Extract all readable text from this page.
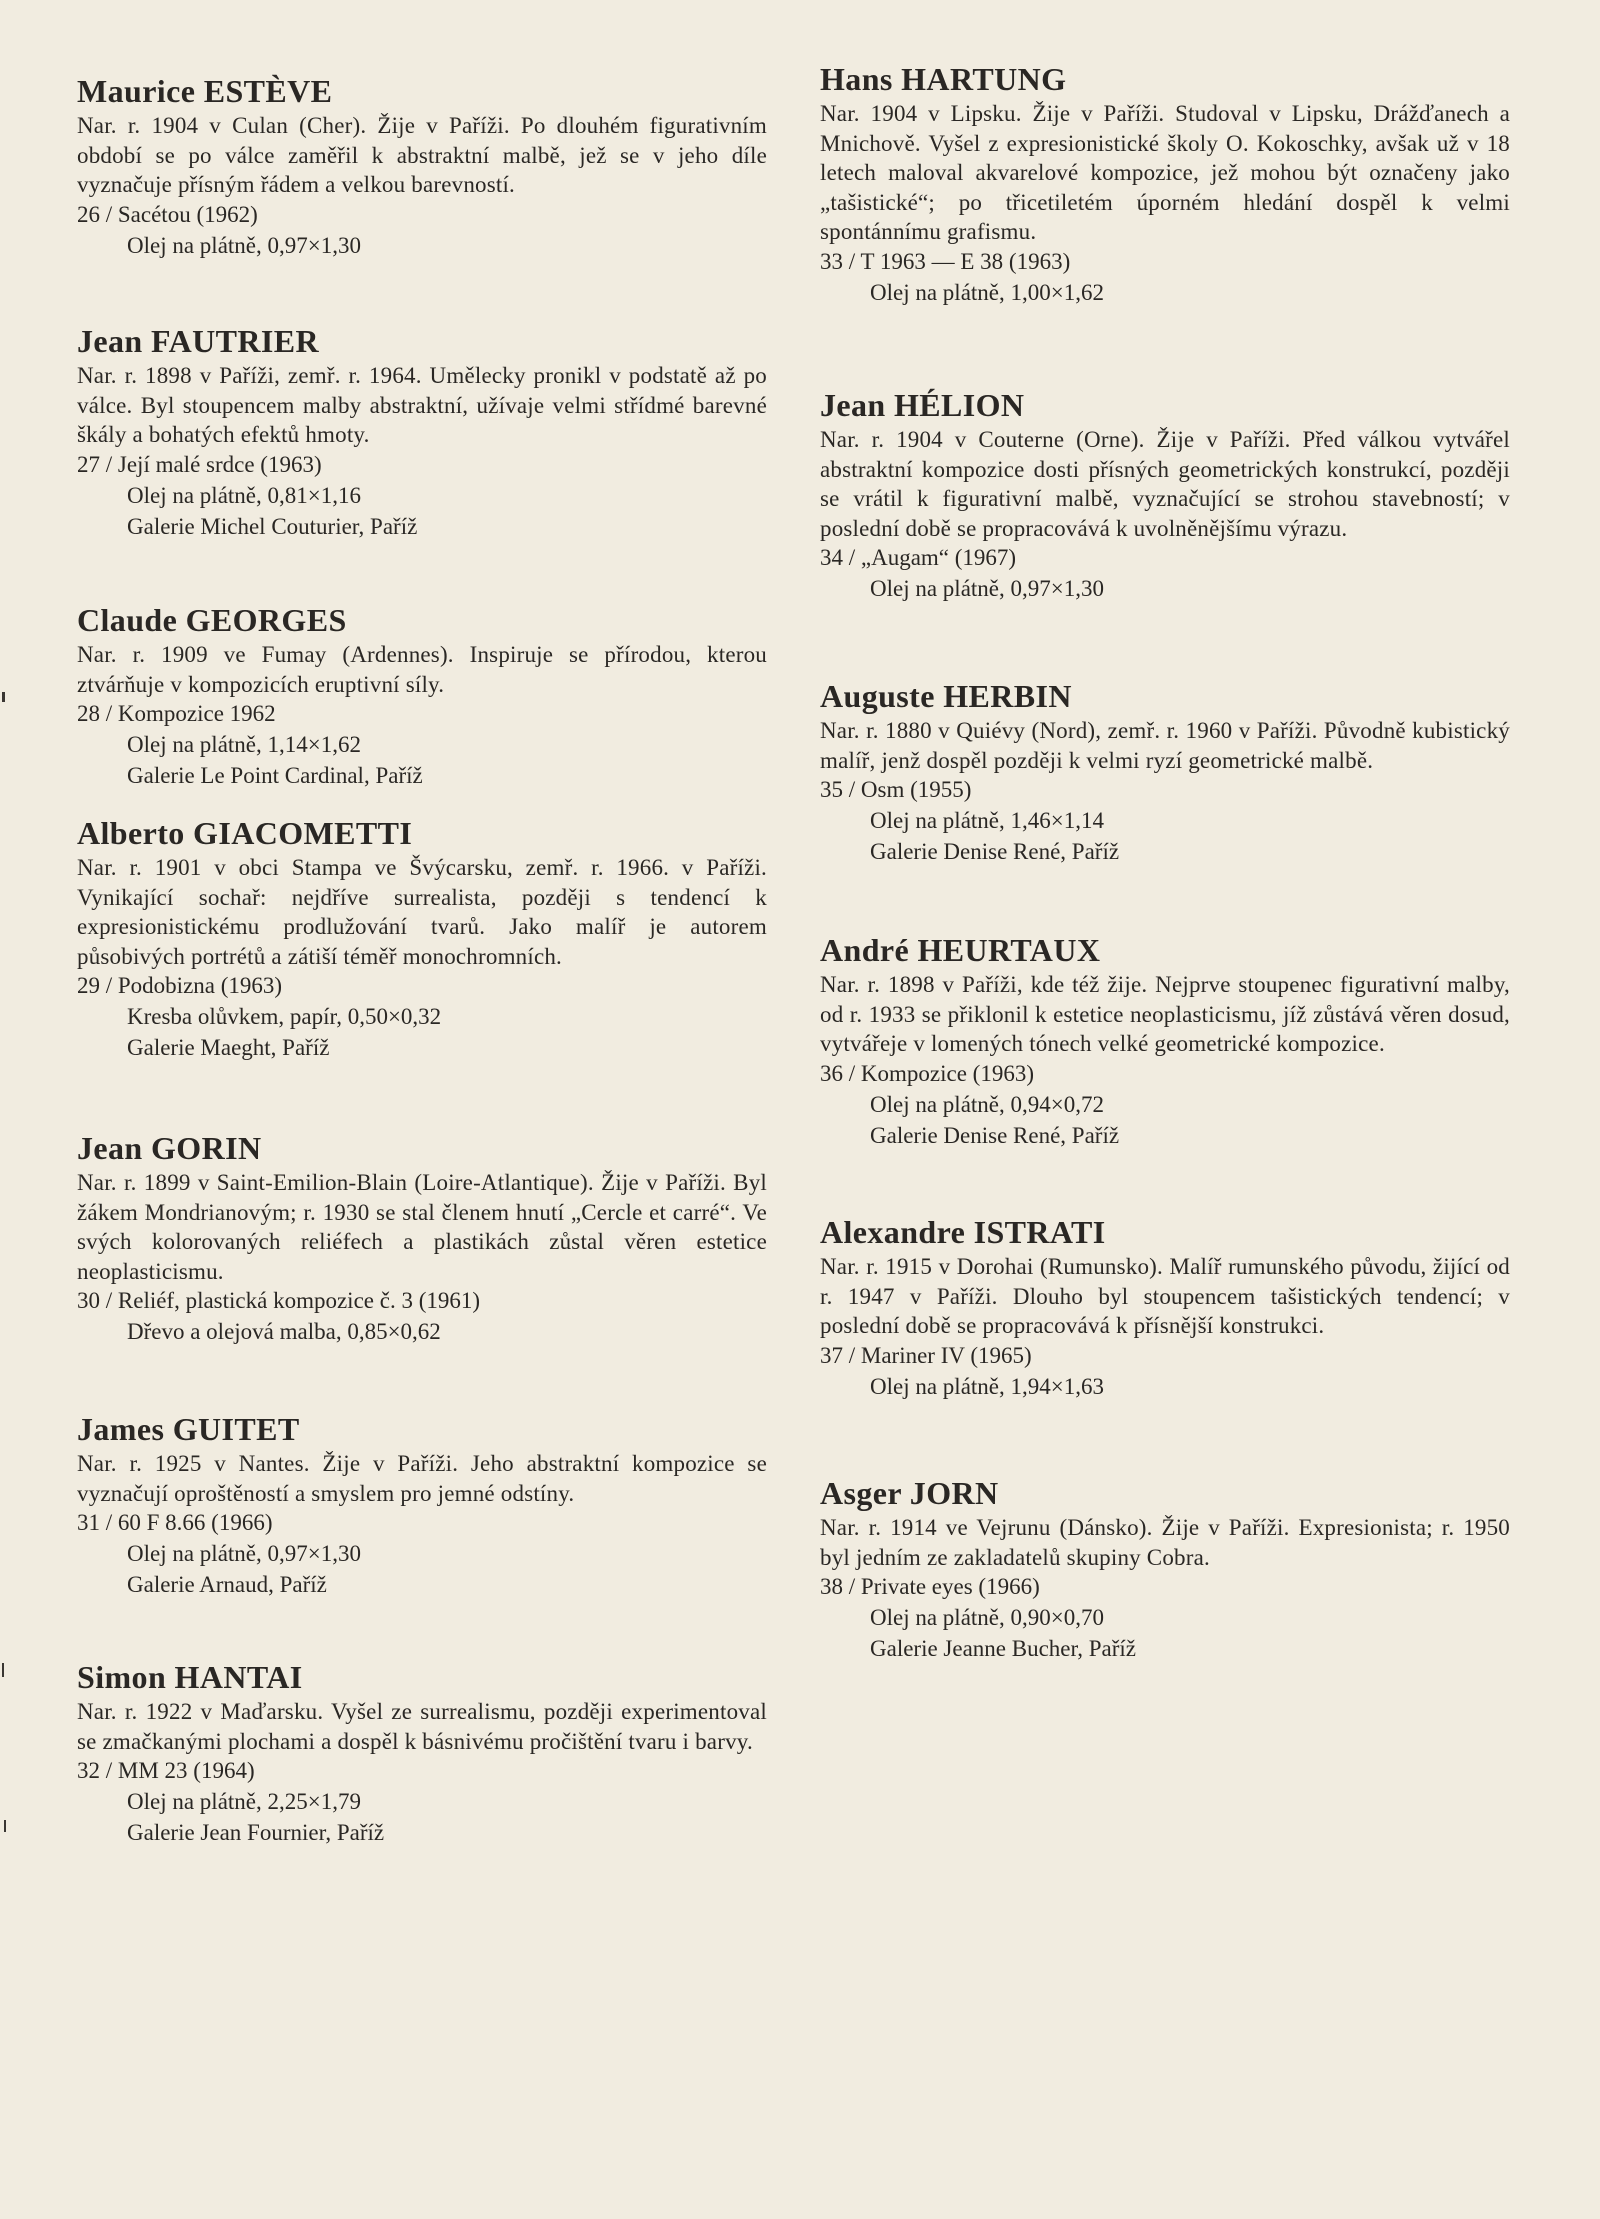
Maurice ESTÈVE

Nar. r. 1904 v Culan (Cher). Žije v Paříži. Po dlouhém figurativním období se po válce zaměřil k abstraktní malbě, jež se v jeho díle vyznačuje přísným řádem a velkou barevností.

26 / Sacétou (1962)

Olej na plátně, 0,97×1,30

Jean FAUTRIER

Nar. r. 1898 v Paříži, zemř. r. 1964. Umělecky pronikl v podstatě až po válce. Byl stoupencem malby abstraktní, užívaje velmi střídmé barevné škály a bohatých efektů hmoty.

27 / Její malé srdce (1963)

Olej na plátně, 0,81×1,16

Galerie Michel Couturier, Paříž

Claude GEORGES

Nar. r. 1909 ve Fumay (Ardennes). Inspiruje se přírodou, kterou ztvárňuje v kompozicích eruptivní síly.

28 / Kompozice 1962

Olej na plátně, 1,14×1,62

Galerie Le Point Cardinal, Paříž

Alberto GIACOMETTI

Nar. r. 1901 v obci Stampa ve Švýcarsku, zemř. r. 1966. v Paříži. Vynikající sochař: nejdříve surrealista, později s tendencí k expresionistickému prodlužování tvarů. Jako malíř je autorem působivých portrétů a zátiší téměř monochromních.

29 / Podobizna (1963)

Kresba olůvkem, papír, 0,50×0,32

Galerie Maeght, Paříž

Jean GORIN

Nar. r. 1899 v Saint-Emilion-Blain (Loire-Atlantique). Žije v Paříži. Byl žákem Mondrianovým; r. 1930 se stal členem hnutí „Cercle et carré“. Ve svých kolorovaných reliéfech a plastikách zůstal věren estetice neoplasticismu.

30 / Reliéf, plastická kompozice č. 3 (1961)

Dřevo a olejová malba, 0,85×0,62

James GUITET

Nar. r. 1925 v Nantes. Žije v Paříži. Jeho abstraktní kompozice se vyznačují oproštěností a smyslem pro jemné odstíny.

31 / 60 F 8.66 (1966)

Olej na plátně, 0,97×1,30

Galerie Arnaud, Paříž

Simon HANTAI

Nar. r. 1922 v Maďarsku. Vyšel ze surrealismu, později experimentoval se zmačkanými plochami a dospěl k básnivému pročištění tvaru i barvy.

32 / MM 23 (1964)

Olej na plátně, 2,25×1,79

Galerie Jean Fournier, Paříž

Hans HARTUNG

Nar. 1904 v Lipsku. Žije v Paříži. Studoval v Lipsku, Drážďanech a Mnichově. Vyšel z expresionistické školy O. Kokoschky, avšak už v 18 letech maloval akvarelové kompozice, jež mohou být označeny jako „tašistické“; po třicetiletém úporném hledání dospěl k velmi spontánnímu grafismu.

33 / T 1963 — E 38 (1963)

Olej na plátně, 1,00×1,62

Jean HÉLION

Nar. r. 1904 v Couterne (Orne). Žije v Paříži. Před válkou vytvářel abstraktní kompozice dosti přísných geometrických konstrukcí, později se vrátil k figurativní malbě, vyznačující se strohou stavebností; v poslední době se propracovává k uvolněnějšímu výrazu.

34 / „Augam“ (1967)

Olej na plátně, 0,97×1,30

Auguste HERBIN

Nar. r. 1880 v Quiévy (Nord), zemř. r. 1960 v Paříži. Původně kubistický malíř, jenž dospěl později k velmi ryzí geometrické malbě.

35 / Osm (1955)

Olej na plátně, 1,46×1,14

Galerie Denise René, Paříž

André HEURTAUX

Nar. r. 1898 v Paříži, kde též žije. Nejprve stoupenec figurativní malby, od r. 1933 se přiklonil k estetice neoplasticismu, jíž zůstává věren dosud, vytvářeje v lomených tónech velké geometrické kompozice.

36 / Kompozice (1963)

Olej na plátně, 0,94×0,72

Galerie Denise René, Paříž

Alexandre ISTRATI

Nar. r. 1915 v Dorohai (Rumunsko). Malíř rumunského původu, žijící od r. 1947 v Paříži. Dlouho byl stoupencem tašistických tendencí; v poslední době se propracovává k přísnější konstrukci.

37 / Mariner IV (1965)

Olej na plátně, 1,94×1,63

Asger JORN

Nar. r. 1914 ve Vejrunu (Dánsko). Žije v Paříži. Expresionista; r. 1950 byl jedním ze zakladatelů skupiny Cobra.

38 / Private eyes (1966)

Olej na plátně, 0,90×0,70

Galerie Jeanne Bucher, Paříž
